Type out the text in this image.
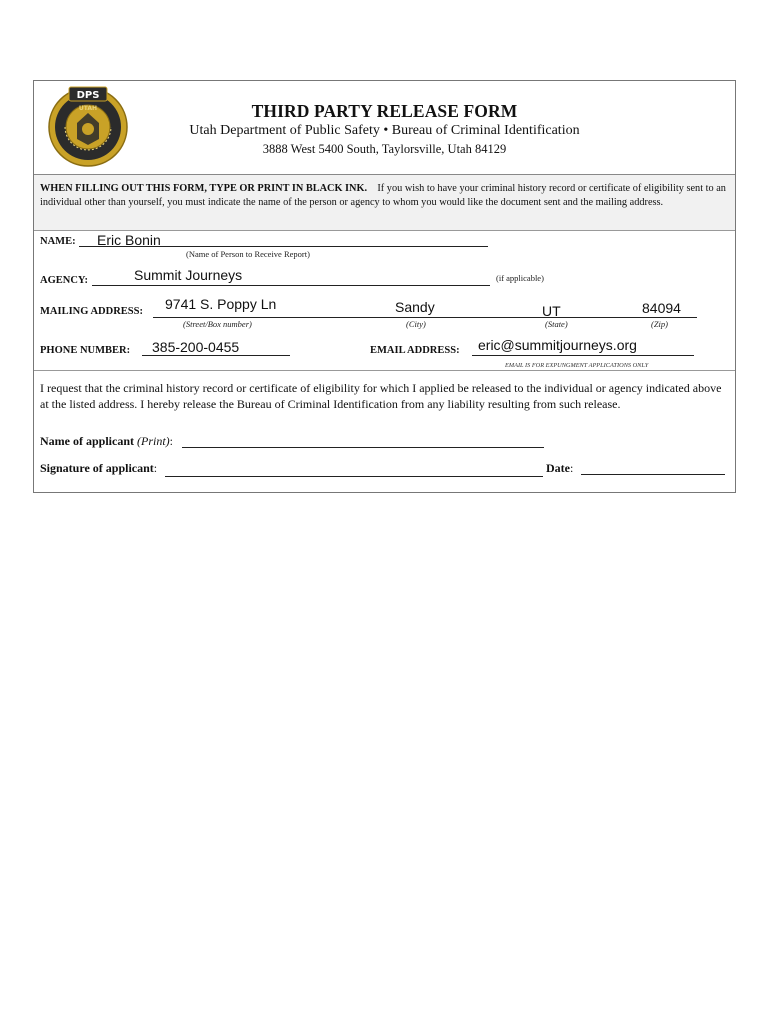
DPS
UTAH	THIRD PARTY RELEASE FORM
Utah Department of Public Safety • Bureau of Criminal Identification
3888 West 5400 South, Taylorsville, Utah 84129
WHEN FILLING OUT THIS FORM, TYPE OR PRINT IN BLACK INK. If you wish to have your criminal history record or certificate of eligibility sent to an individual other than yourself, you must indicate the name of the person or agency to whom you would like the document sent and the mailing address.
NAME: Eric Bonin
(Name of Person to Receive Report)
AGENCY:	Summit Journeys	(if applicable)
MAILING ADDRESS: 9741 S. Poppy Ln	Sandy	UT	84094
(Street/Box number)	(City)	(State)	(Zip)
PHONE NUMBER: 385-200-0455	EMAIL ADDRESS: eric@summitjourneys.org
EMAIL IS FOR EXPUNGMENT APPLICATIONS ONLY
I request that the criminal history record or certificate of eligibility for which I applied be released to the individual or agency indicated above at the listed address. I hereby release the Bureau of Criminal Identification from any liability resulting from such release.
Name of applicant (Print):
Signature of applicant:	Date:
